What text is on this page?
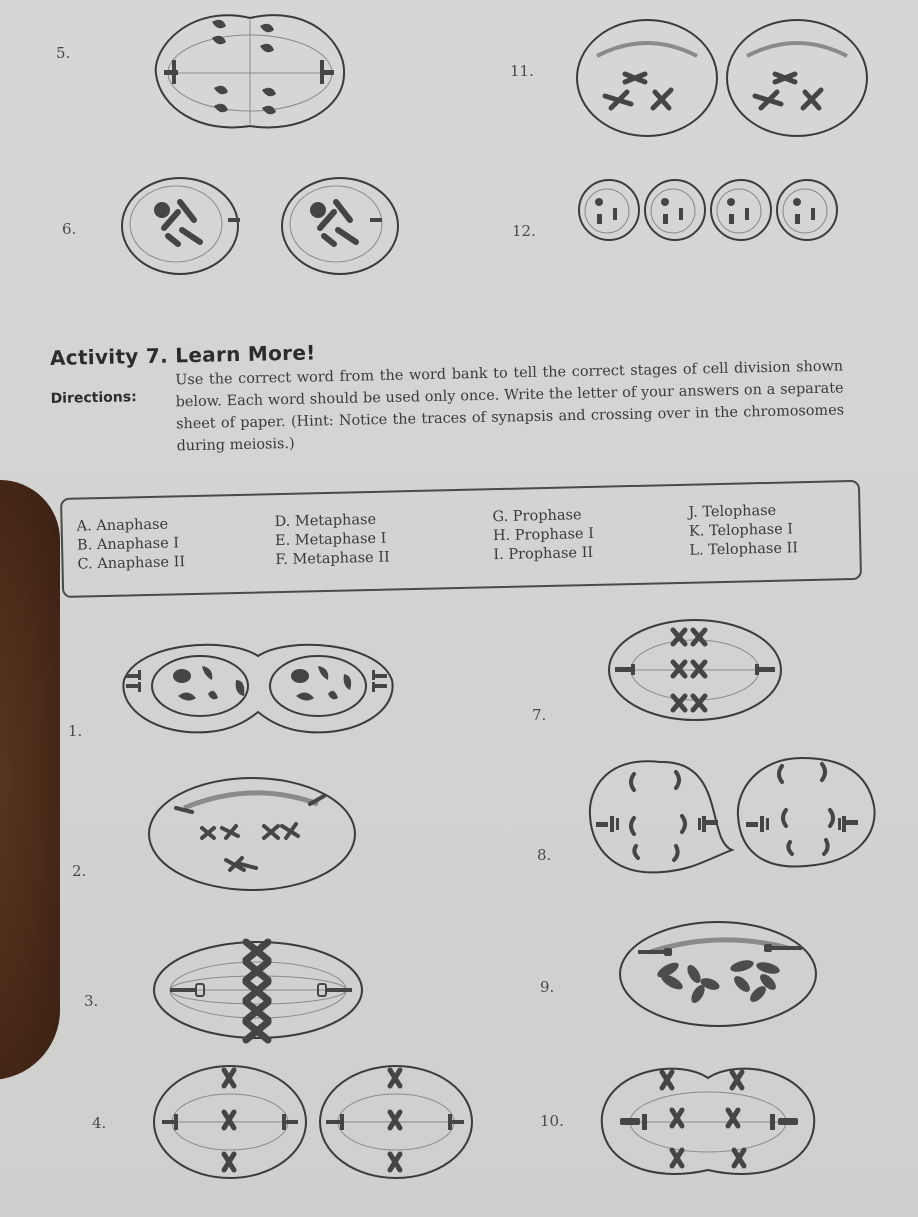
5.
11.
6.	12.
Activity 7. Learn More!
Directions:
Use the correct word from the word bank to tell the correct stages of cell division shown below. Each word should be used only once. Write the letter of your answers on a separate sheet of paper. (Hint: Notice the traces of synapsis and crossing over in the chromosomes during meiosis.)
A. Anaphase
B. Anaphase I
C. Anaphase II
D. Metaphase
E. Metaphase I
F. Metaphase II
G. Prophase
H. Prophase I
I. Prophase II
J. Telophase
K. Telophase I
L. Telophase II
1.
7.
2.
8.
3.
9.
4.	10.
